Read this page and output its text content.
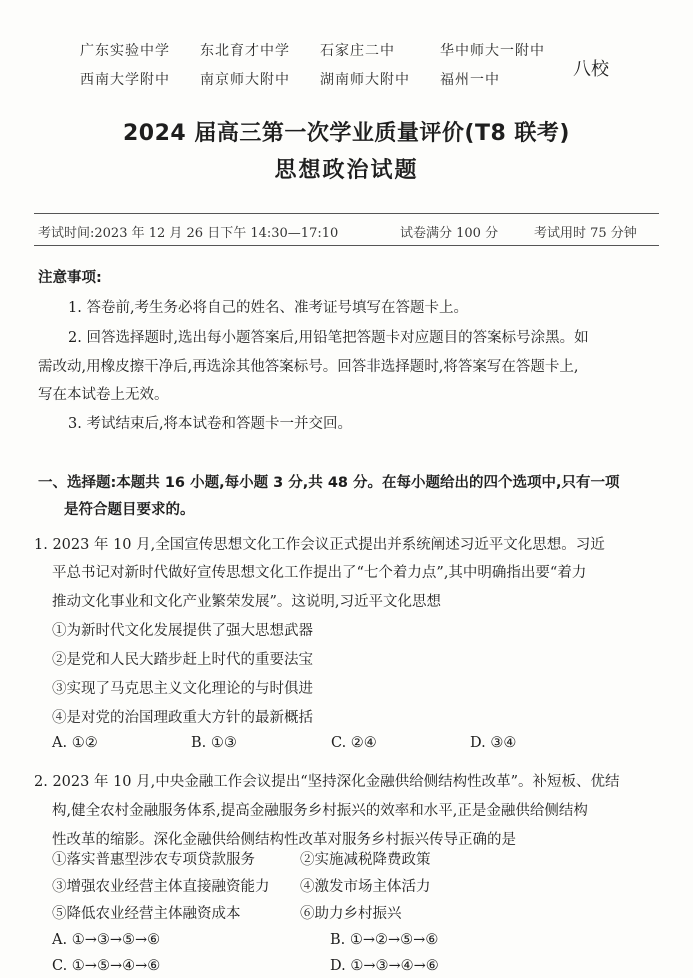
广东实验中学 东北育才中学 石家庄二中	华中师大一附中
西南大学附中 南京师大附中 湖南师大附中 福州一中	八校
2024 届高三第一次学业质量评价(T8 联考)
思想政治试题
考试时间:2023 年 12 月 26 日下午 14:30—17:10	试卷满分 100 分	考试用时 75 分钟
注意事项:
1. 答卷前,考生务必将自己的姓名、准考证号填写在答题卡上。
2. 回答选择题时,选出每小题答案后,用铅笔把答题卡对应题目的答案标号涂黑。如
需改动,用橡皮擦干净后,再选涂其他答案标号。回答非选择题时,将答案写在答题卡上,
写在本试卷上无效。
3. 考试结束后,将本试卷和答题卡一并交回。
一、选择题:本题共 16 小题,每小题 3 分,共 48 分。在每小题给出的四个选项中,只有一项
是符合题目要求的。
1. 2023 年 10 月,全国宣传思想文化工作会议正式提出并系统阐述习近平文化思想。习近
平总书记对新时代做好宣传思想文化工作提出了“七个着力点”,其中明确指出要“着力
推动文化事业和文化产业繁荣发展”。这说明,习近平文化思想
①为新时代文化发展提供了强大思想武器
②是党和人民大踏步赶上时代的重要法宝
③实现了马克思主义文化理论的与时俱进
④是对党的治国理政重大方针的最新概括
A. ①②	B. ①③	C. ②④	D. ③④
2. 2023 年 10 月,中央金融工作会议提出“坚持深化金融供给侧结构性改革”。补短板、优结
构,健全农村金融服务体系,提高金融服务乡村振兴的效率和水平,正是金融供给侧结构
性改革的缩影。深化金融供给侧结构性改革对服务乡村振兴传导正确的是
①落实普惠型涉农专项贷款服务	②实施减税降费政策
③增强农业经营主体直接融资能力 ④激发市场主体活力
⑤降低农业经营主体融资成本	⑥助力乡村振兴
A. ①→③→⑤→⑥	B. ①→②→⑤→⑥
C. ①→⑤→④→⑥	D. ①→③→④→⑥
